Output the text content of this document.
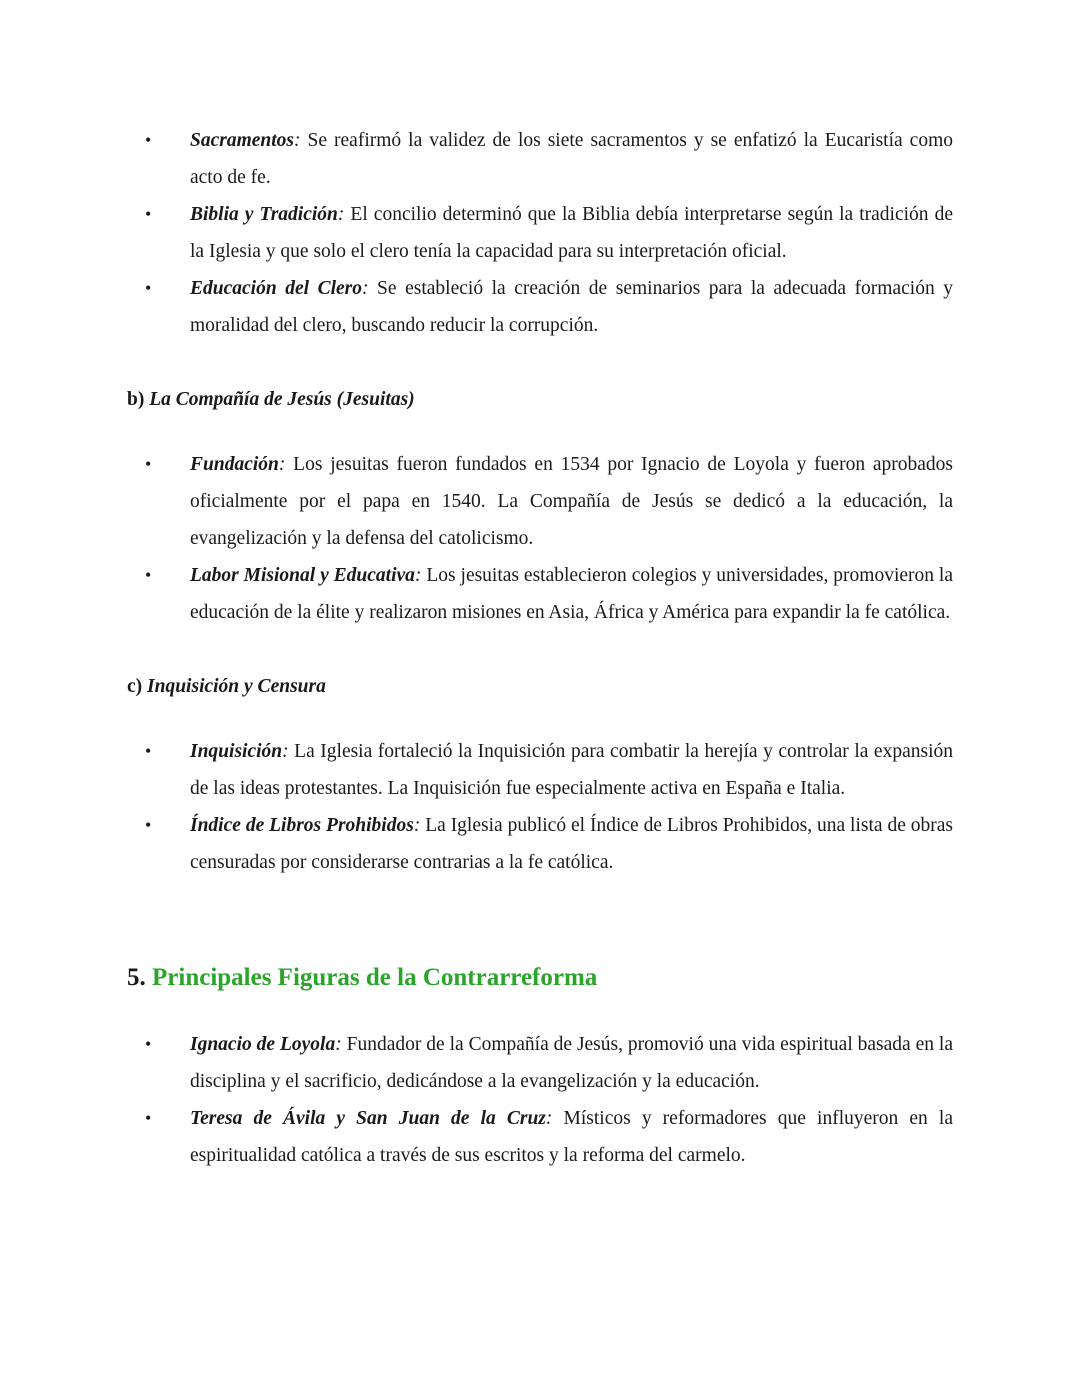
• Sacramentos: Se reafirmó la validez de los siete sacramentos y se enfatizó la Eucaristía como acto de fe.
• Biblia y Tradición: El concilio determinó que la Biblia debía interpretarse según la tradición de la Iglesia y que solo el clero tenía la capacidad para su interpretación oficial.
• Educación del Clero: Se estableció la creación de seminarios para la adecuada formación y moralidad del clero, buscando reducir la corrupción.

b) La Compañía de Jesús (Jesuitas)

• Fundación: Los jesuitas fueron fundados en 1534 por Ignacio de Loyola y fueron aprobados oficialmente por el papa en 1540. La Compañía de Jesús se dedicó a la educación, la evangelización y la defensa del catolicismo.
• Labor Misional y Educativa: Los jesuitas establecieron colegios y universidades, promovieron la educación de la élite y realizaron misiones en Asia, África y América para expandir la fe católica.

c) Inquisición y Censura

• Inquisición: La Iglesia fortaleció la Inquisición para combatir la herejía y controlar la expansión de las ideas protestantes. La Inquisición fue especialmente activa en España e Italia.
• Índice de Libros Prohibidos: La Iglesia publicó el Índice de Libros Prohibidos, una lista de obras censuradas por considerarse contrarias a la fe católica.
5. Principales Figuras de la Contrarreforma
• Ignacio de Loyola: Fundador de la Compañía de Jesús, promovió una vida espiritual basada en la disciplina y el sacrificio, dedicándose a la evangelización y la educación.
• Teresa de Ávila y San Juan de la Cruz: Místicos y reformadores que influyeron en la espiritualidad católica a través de sus escritos y la reforma del carmelo.
